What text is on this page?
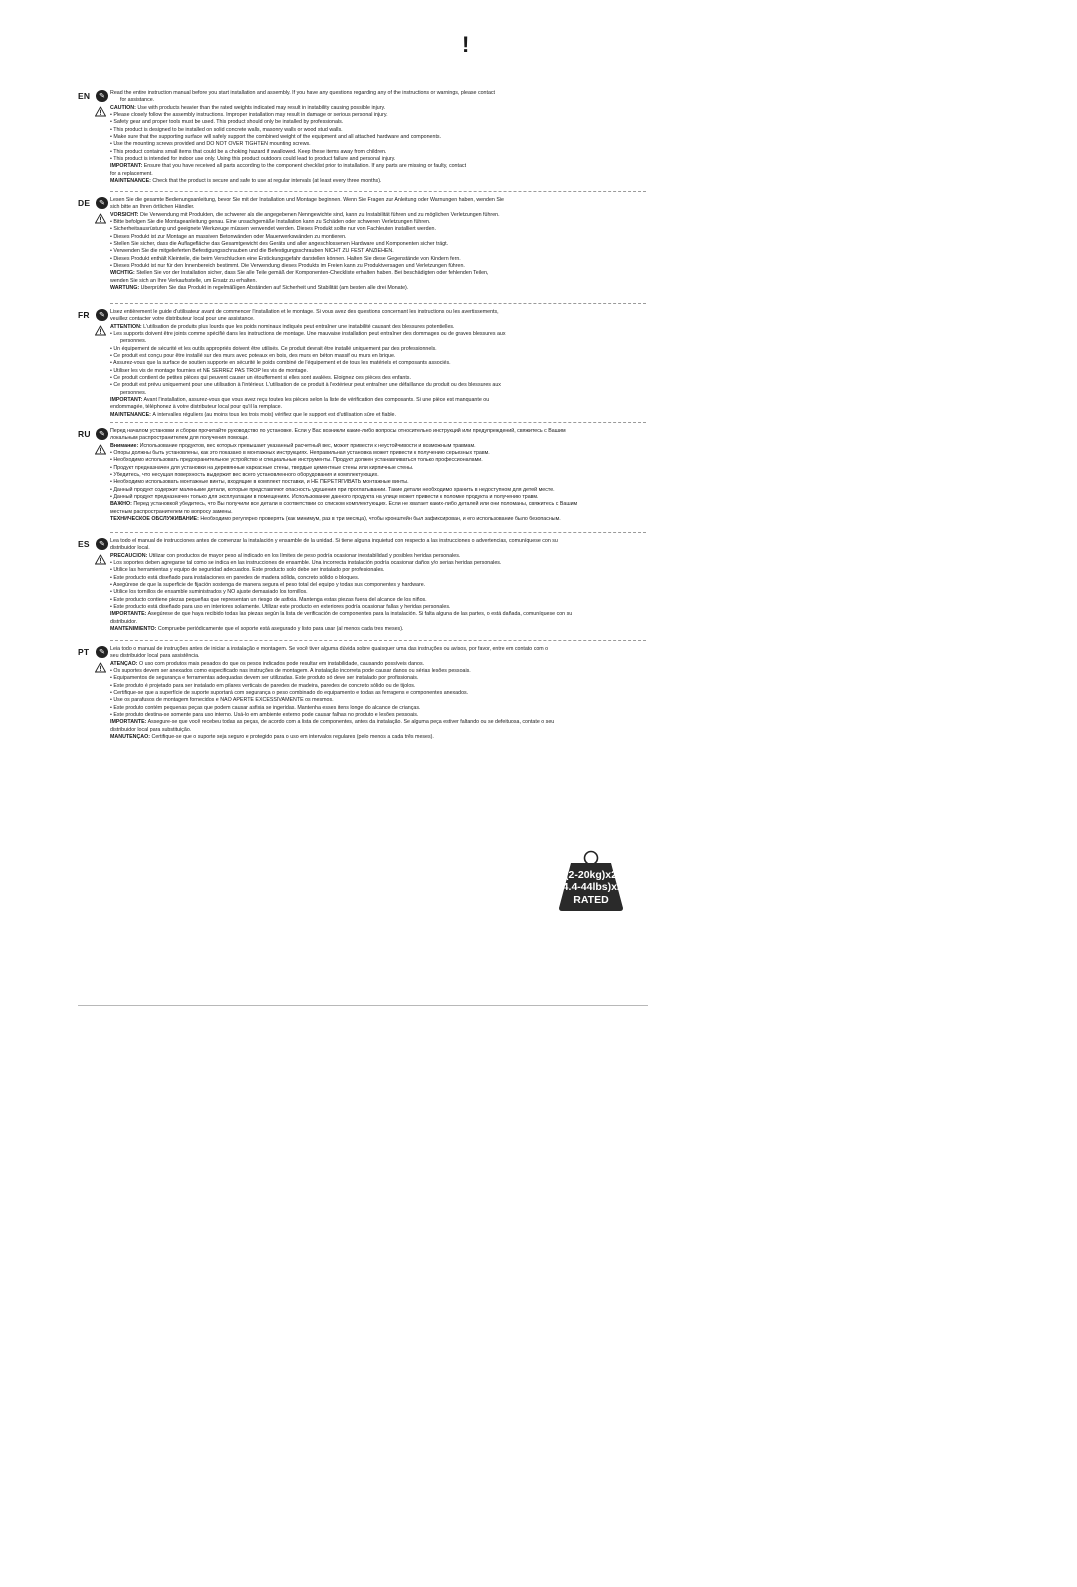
!
EN	✎ Read the entire instruction manual before you start installation and assembly. If you have any questions regarding any of the instructions or warnings, please contact

for assistance.

CAUTION: Use with products heavier than the rated weights indicated may result in instability causing possible injury.

• Please closely follow the assembly instructions. Improper installation may result in damage or serious personal injury.

• Safety gear and proper tools must be used. This product should only be installed by professionals.

• This product is designed to be installed on solid concrete walls, masonry walls or wood stud walls.

• Make sure that the supporting surface will safely support the combined weight of the equipment and all attached hardware and components.

• Use the mounting screws provided and DO NOT OVER TIGHTEN mounting screws.

• This product contains small items that could be a choking hazard if swallowed. Keep these items away from children.

• This product is intended for indoor use only. Using this product outdoors could lead to product failure and personal injury.

IMPORTANT: Ensure that you have received all parts according to the component checklist prior to installation. If any parts are missing or faulty, contact

for a replacement.

MAINTENANCE: Check that the product is secure and safe to use at regular intervals (at least every three months).

DE	✎ Lesen Sie die gesamte Bedienungsanleitung, bevor Sie mit der Installation und Montage beginnen. Wenn Sie Fragen zur Anleitung oder Warnungen haben, wenden Sie

sich bitte an Ihren örtlichen Händler.

VORSICHT: Die Verwendung mit Produkten, die schwerer als die angegebenen Nenngewichte sind, kann zu Instabilität führen und zu möglichen Verletzungen führen.

• Bitte befolgen Sie die Montageanleitung genau. Eine unsachgemäße Installation kann zu Schäden oder schweren Verletzungen führen.

• Sicherheitsausrüstung und geeignete Werkzeuge müssen verwendet werden. Dieses Produkt sollte nur von Fachleuten installiert werden.

• Dieses Produkt ist zur Montage an massiven Betonwänden oder Mauerwerkswänden zu montieren.

• Stellen Sie sicher, dass die Auflagefläche das Gesamtgewicht des Geräts und aller angeschlossenen Hardware und Komponenten sicher trägt.

• Verwenden Sie die mitgelieferten Befestigungsschrauben und die Befestigungsschrauben NICHT ZU FEST ANZIEHEN.

• Dieses Produkt enthält Kleinteile, die beim Verschlucken eine Erstickungsgefahr darstellen können. Halten Sie diese Gegenstände von Kindern fern.

• Dieses Produkt ist nur für den Innenbereich bestimmt. Die Verwendung dieses Produkts im Freien kann zu Produktversagen und Verletzungen führen.

WICHTIG: Stellen Sie vor der Installation sicher, dass Sie alle Teile gemäß der Komponenten-Checkliste erhalten haben. Bei beschädigten oder fehlenden Teilen,

wenden Sie sich an Ihre Verkaufsstelle, um Ersatz zu erhalten.

WARTUNG: Überprüfen Sie das Produkt in regelmäßigen Abständen auf Sicherheit und Stabilität (am besten alle drei Monate).

FR	✎ Lisez entièrement le guide d'utilisateur avant de commencer l'installation et le montage. Si vous avez des questions concernant les instructions ou les avertissements,

veuillez contacter votre distributeur local pour une assistance.

ATTENTION: L'utilisation de produits plus lourds que les poids nominaux indiqués peut entraîner une instabilité causant des blessures potentielles.

• Les supports doivent être joints comme spécifié dans les instructions de montage. Une mauvaise installation peut entraîner des dommages ou de graves blessures aux

personnes.

• Un équipement de sécurité et les outils appropriés doivent être utilisés. Ce produit devrait être installé uniquement par des professionnels.

• Ce produit est conçu pour être installé sur des murs avec poteaux en bois, des murs en béton massif ou murs en brique.

• Assurez-vous que la surface de soutien supporte en sécurité le poids combiné de l'équipement et de tous les matériels et composants associés.

• Utiliser les vis de montage fournies et NE SERREZ PAS TROP les vis de montage.

• Ce produit contient de petites pièces qui peuvent causer un étouffement si elles sont avalées. Éloignez ces pièces des enfants.

• Ce produit est prévu uniquement pour une utilisation à l'intérieur. L'utilisation de ce produit à l'extérieur peut entraîner une défaillance du produit ou des blessures aux

personnes.

IMPORTANT: Avant l'installation, assurez-vous que vous avez reçu toutes les pièces selon la liste de vérification des composants. Si une pièce est manquante ou

endommagée, téléphonez à votre distributeur local pour qu'il la remplace.

MAINTENANCE: À intervalles réguliers (au moins tous les trois mois) vérifiez que le support est d'utilisation sûre et fiable.

RU	✎ Перед началом установки и сборки прочитайте руководство по установке. Если у Вас возникли какие-либо вопросы относительно инструкций или предупреждений, свяжитесь с Вашим

локальным распространителем для получения помощи.

Внимание: Использование продуктов, вес которых превышает указанный расчетный вес, может привести к неустойчивости и возможным травмам.

• Опоры должны быть установлены, как это показано в монтажных инструкциях. Неправильная установка может привести к получению серьезных травм.

• Необходимо использовать предохранительное устройство и специальные инструменты. Продукт должен устанавливаться только профессионалами.

• Продукт предназначен для установки на деревянные каркасные стены, твердые цементные стены или кирпичные стены.

• Убедитесь, что несущая поверхность выдержит вес всего установленного оборудования и комплектующих.

• Необходимо использовать монтажные винты, входящие в комплект поставки, и НЕ ПЕРЕТЯГИВАТЬ монтажные винты.

• Данный продукт содержит маленькие детали, которые представляют опасность удушения при проглатывании. Такие детали необходимо хранить в недоступном для детей месте.

• Данный продукт предназначен только для эксплуатации в помещениях. Использование данного продукта на улице может привести к поломке продукта и получению травм.

ВАЖНО: Перед установкой убедитесь, что Вы получили все детали в соответствии со списком комплектующих. Если не хватает каких-либо деталей или они поломаны, свяжитесь с Вашим

местным распространителем по вопросу замены.

ТЕХНИЧЕСКОЕ ОБСЛУЖИВАНИЕ: Необходимо регулярно проверять (как минимум, раз в три месяца), чтобы кронштейн был зафиксирован, и его использование было безопасным.

ES	✎ Lea todo el manual de instrucciones antes de comenzar la instalación y ensamble de la unidad. Si tiene alguna inquietud con respecto a las instrucciones o advertencias, comuníquese con su

distribuidor local.

PRECAUCIÓN: Utilizar con productos de mayor peso al indicado en los límites de peso podría ocasionar inestabilidad y posibles heridas personales.

• Los soportes deben agregarse tal como se indica en las instrucciones de ensamble. Una incorrecta instalación podría ocasionar daños y/o serias heridas personales.

• Utilice las herramientas y equipo de seguridad adecuados. Este producto solo debe ser instalado por profesionales.

• Este producto está diseñado para instalaciones en paredes de madera sólida, concreto sólido o bloques.

• Asegúrese de que la superficie de fijación sostenga de manera segura el peso total del equipo y todas sus componentes y hardware.

• Utilice los tornillos de ensamble suministrados y NO ajuste demasiado los tornillos.

• Este producto contiene piezas pequeñas que representan un riesgo de asfixia. Mantenga estas piezas fuera del alcance de los niños.

• Este producto está diseñado para uso en interiores solamente. Utilizar este producto en exteriores podría ocasionar fallas y heridas personales.

IMPORTANTE: Asegúrese de que haya recibido todas las piezas según la lista de verificación de componentes para la instalación. Si falta alguna de las partes, o está dañada, comuníquese con su

distribuidor.

MANTENIMIENTO: Compruebe periódicamente que el soporte está asegurado y listo para usar (al menos cada tres meses).

PT	✎ Leia todo o manual de instruções antes de iniciar a instalação e montagem. Se você tiver alguma dúvida sobre quaisquer uma das instruções ou avisos, por favor, entre em contato com o

seu distribuidor local para assistência.

ATENÇÃO: O uso com produtos mais pesados do que os pesos indicados pode resultar em instabilidade, causando possíveis danos.

• Os suportes devem ser anexados como especificado nas instruções de montagem. A instalação incorreta pode causar danos ou sérias lesões pessoais.

• Equipamentos de segurança e ferramentas adequadas devem ser utilizadas. Este produto só deve ser instalado por profissionais.

• Este produto é projetado para ser instalado em pilares verticais de paredes de madeira, paredes de concreto sólido ou de tijolos.

• Certifique-se que a superfície de suporte suportará com segurança o peso combinado do equipamento e todas as ferragens e componentes anexados.

• Use os parafusos de montagem fornecidos e NÃO APERTE EXCESSIVAMENTE os mesmos.

• Este produto contém pequenas peças que podem causar asfixia se ingeridas. Mantenha esses itens longe do alcance de crianças.

• Este produto destina-se somente para uso interno. Usá-lo em ambiente externo pode causar falhas no produto e lesões pessoais.

IMPORTANTE: Assegure-se que você recebeu todas as peças, de acordo com a lista de componentes, antes da instalação. Se alguma peça estiver faltando ou se defeituosa, contate o seu

distribuidor local para substituição.

MANUTENÇÃO: Certifique-se que o suporte seja seguro e protegido para o uso em intervalos regulares (pelo menos a cada três meses).

(2-20kg)x2
(4.4-44lbs)x2
RATED
